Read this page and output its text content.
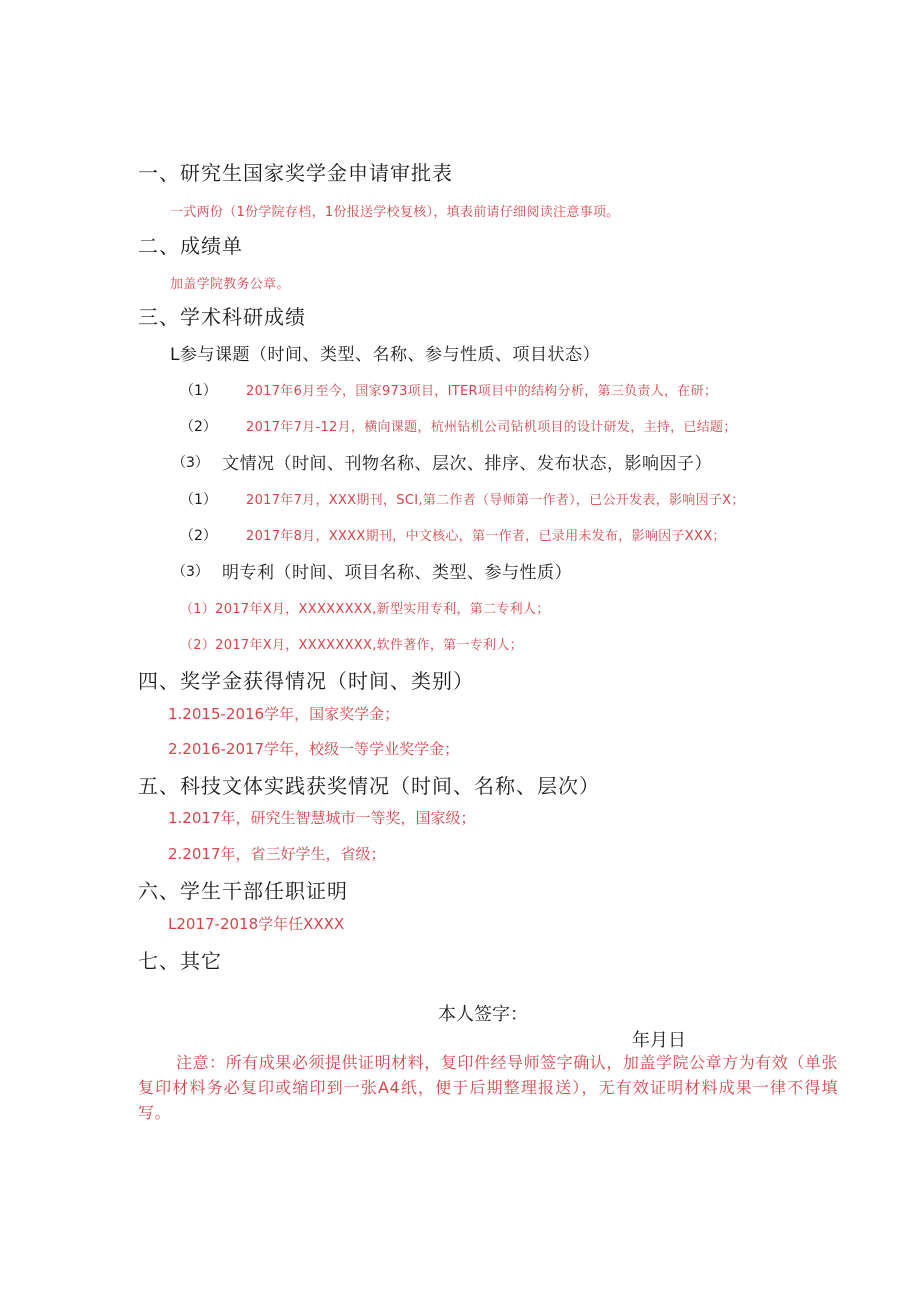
一、研究生国家奖学金申请审批表
一式两份（1份学院存档，1份报送学校复核），填表前请仔细阅读注意事项。
二、成绩单
加盖学院教务公章。
三、学术科研成绩
L参与课题（时间、类型、名称、参与性质、项目状态）
（1） 2017年6月至今，国家973项目，ITER项目中的结构分析，第三负责人，在研；
（2） 2017年7月-12月，横向课题，杭州钻机公司钻机项目的设计研发，主持，已结题；
（3） 文情况（时间、刊物名称、层次、排序、发布状态，影响因子）
（1） 2017年7月，XXX期刊，SCI,第二作者（导师第一作者），已公开发表，影响因子X；
（2） 2017年8月，XXXX期刊，中文核心，第一作者，已录用未发布，影响因子XXX；
（3） 明专利（时间、项目名称、类型、参与性质）
（1）2017年X月，XXXXXXXX,新型实用专利，第二专利人；
（2）2017年X月，XXXXXXXX,软件著作，第一专利人；
四、奖学金获得情况（时间、类别）
1.2015-2016学年，国家奖学金；
2.2016-2017学年，校级一等学业奖学金；
五、科技文体实践获奖情况（时间、名称、层次）
1.2017年，研究生智慧城市一等奖，国家级；
2.2017年，省三好学生，省级；
六、学生干部任职证明
L2017-2018学年任XXXX
七、其它
本人签字：
年月日
注意：所有成果必须提供证明材料，复印件经导师签字确认，加盖学院公章方为有效（单张复印材料务必复印或缩印到一张A4纸，便于后期整理报送），无有效证明材料成果一律不得填写。
